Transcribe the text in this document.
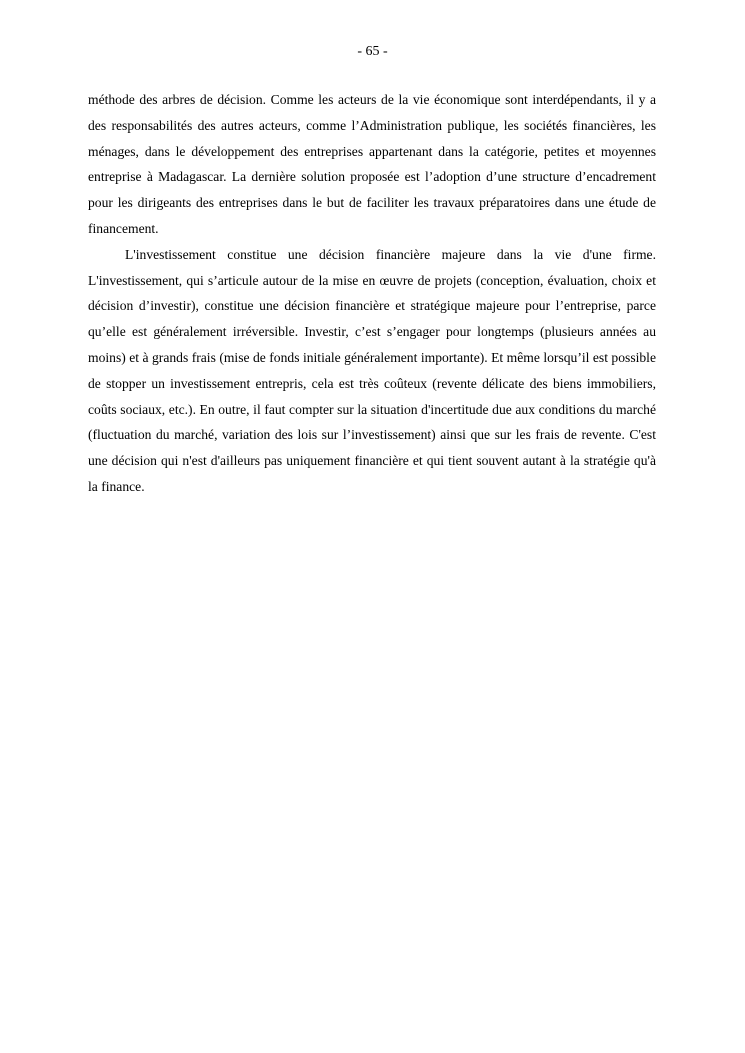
- 65 -

méthode des arbres de décision. Comme les acteurs de la vie économique sont interdépendants, il y a des responsabilités des autres acteurs, comme l’Administration publique, les sociétés financières, les ménages, dans le développement des entreprises appartenant dans la catégorie, petites et moyennes entreprise à Madagascar. La dernière solution proposée est l’adoption d’une structure d’encadrement pour les dirigeants des entreprises dans le but de faciliter les travaux préparatoires dans une étude de financement.

L'investissement constitue une décision financière majeure dans la vie d'une firme. L'investissement, qui s’articule autour de la mise en œuvre de projets (conception, évaluation, choix et décision d’investir), constitue une décision financière et stratégique majeure pour l’entreprise, parce qu’elle est généralement irréversible. Investir, c’est s’engager pour longtemps (plusieurs années au moins) et à grands frais (mise de fonds initiale généralement importante). Et même lorsqu’il est possible de stopper un investissement entrepris, cela est très coûteux (revente délicate des biens immobiliers, coûts sociaux, etc.). En outre, il faut compter sur la situation d'incertitude due aux conditions du marché (fluctuation du marché, variation des lois sur l’investissement) ainsi que sur les frais de revente. C'est une décision qui n'est d'ailleurs pas uniquement financière et qui tient souvent autant à la stratégie qu'à la finance.
